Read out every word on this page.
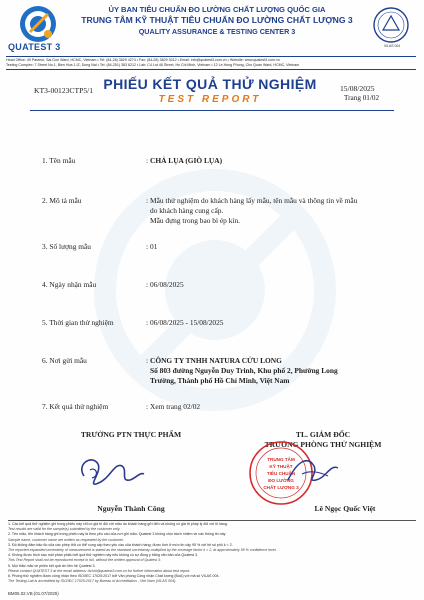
QUATEST 3
ỦY BAN TIÊU CHUẨN ĐO LƯỜNG CHẤT LƯỢNG QUỐC GIA
TRUNG TÂM KỸ THUẬT TIÊU CHUẨN ĐO LƯỜNG CHẤT LƯỢNG 3
QUALITY ASSURANCE & TESTING CENTER 3
VILAS 004
Head Office: 49 Pasteur, Sai Gon Ward, HCMC, Vietnam • Tel: (84-28) 3829 4274 • Fax: (84-28) 3829 3012 • Email: info@quatest3.com.vn • Website: www.quatest3.com.vn
Testing Complex: 7 Street No.1, Bien Hoa 1 IZ, Dong Nai • Tel: (84-251) 383 6212 • Lab: C4 Lot 46 Street, Ho Chi Minh, Vietnam • 12 Le Hong Phong, Cho Quan Ward, HCMC, Vietnam
KT3-00123CTP5/1 PHIẾU KẾT QUẢ THỬ NGHIỆM
TEST REPORT
15/08/2025
Trang 01/02
1. Tên mẫu	: CHẢ LỤA (GIÒ LỤA)
2. Mô tả mẫu	: Mẫu thử nghiệm do khách hàng lấy mẫu, tên mẫu và thông tin về mẫu
do khách hàng cung cấp.
Mẫu đựng trong bao bì ép kín.
3. Số lượng mẫu	: 01
4. Ngày nhận mẫu	: 06/08/2025
5. Thời gian thử nghiệm	: 06/08/2025 - 15/08/2025
6. Nơi gửi mẫu	: CÔNG TY TNHH NATURA CỬU LONG
Số 803 đường Nguyễn Duy Trinh, Khu phố 2, Phường Long
Trường, Thành phố Hồ Chí Minh, Việt Nam
7. Kết quả thử nghiệm	: Xem trang 02/02
TRƯỞNG PTN THỰC PHẨM	TL. GIÁM ĐỐC
TRƯỞNG PHÒNG THỬ NGHIỆM
TRUNG TÂM
KỸ THUẬT
TIÊU CHUẨN
ĐO LƯỜNG
CHẤT LƯỢNG 3
Nguyễn Thành Công	Lê Ngọc Quốc Việt
1. Các kết quả thử nghiệm ghi trong phiếu này chỉ có giá trị đối với mẫu do khách hàng gửi đến và không có giá trị pháp lý đối với lô hàng.
Test results are valid for the sample(s) submitted by the customer only.
2. Tên mẫu, tên khách hàng ghi trong phiếu này là theo yêu cầu của nơi gửi mẫu. Quatest 3 không chịu trách nhiệm về các thông tin này.
Sample name, customer name are written as requested by the customer.
3. Độ không đảm bảo đo của các phép thử có thể cung cấp theo yêu cầu của khách hàng; được tính ở mức tin cậy 95 % với hệ số phủ k = 2.
The reported expanded uncertainty of measurement is stated as the standard uncertainty multiplied by the coverage factor k = 2, at approximately 95 % confidence level.
4. Không được trích sao một phần phiếu kết quả thử nghiệm này nếu không có sự đồng ý bằng văn bản của Quatest 3.
This Test Report shall not be reproduced except in full, without the written approval of Quatest 3.
5. Mọi thắc mắc về phiếu kết quả xin liên hệ Quatest 3.
Please contact QUATEST 3 at the email address: dv.khl@quatest3.com.vn for further information about test report.
6. Phòng thử nghiệm được công nhận theo ISO/IEC 17025:2017 bởi Văn phòng Công nhận Chất lượng (BoA) với mã số VILAS 004.
The Testing Lab is accredited by ISO/IEC 17025:2017 by Bureau of Accreditation - Viet Nam (VILAS 004).
BM05.02.VB.(01.07/2025)
